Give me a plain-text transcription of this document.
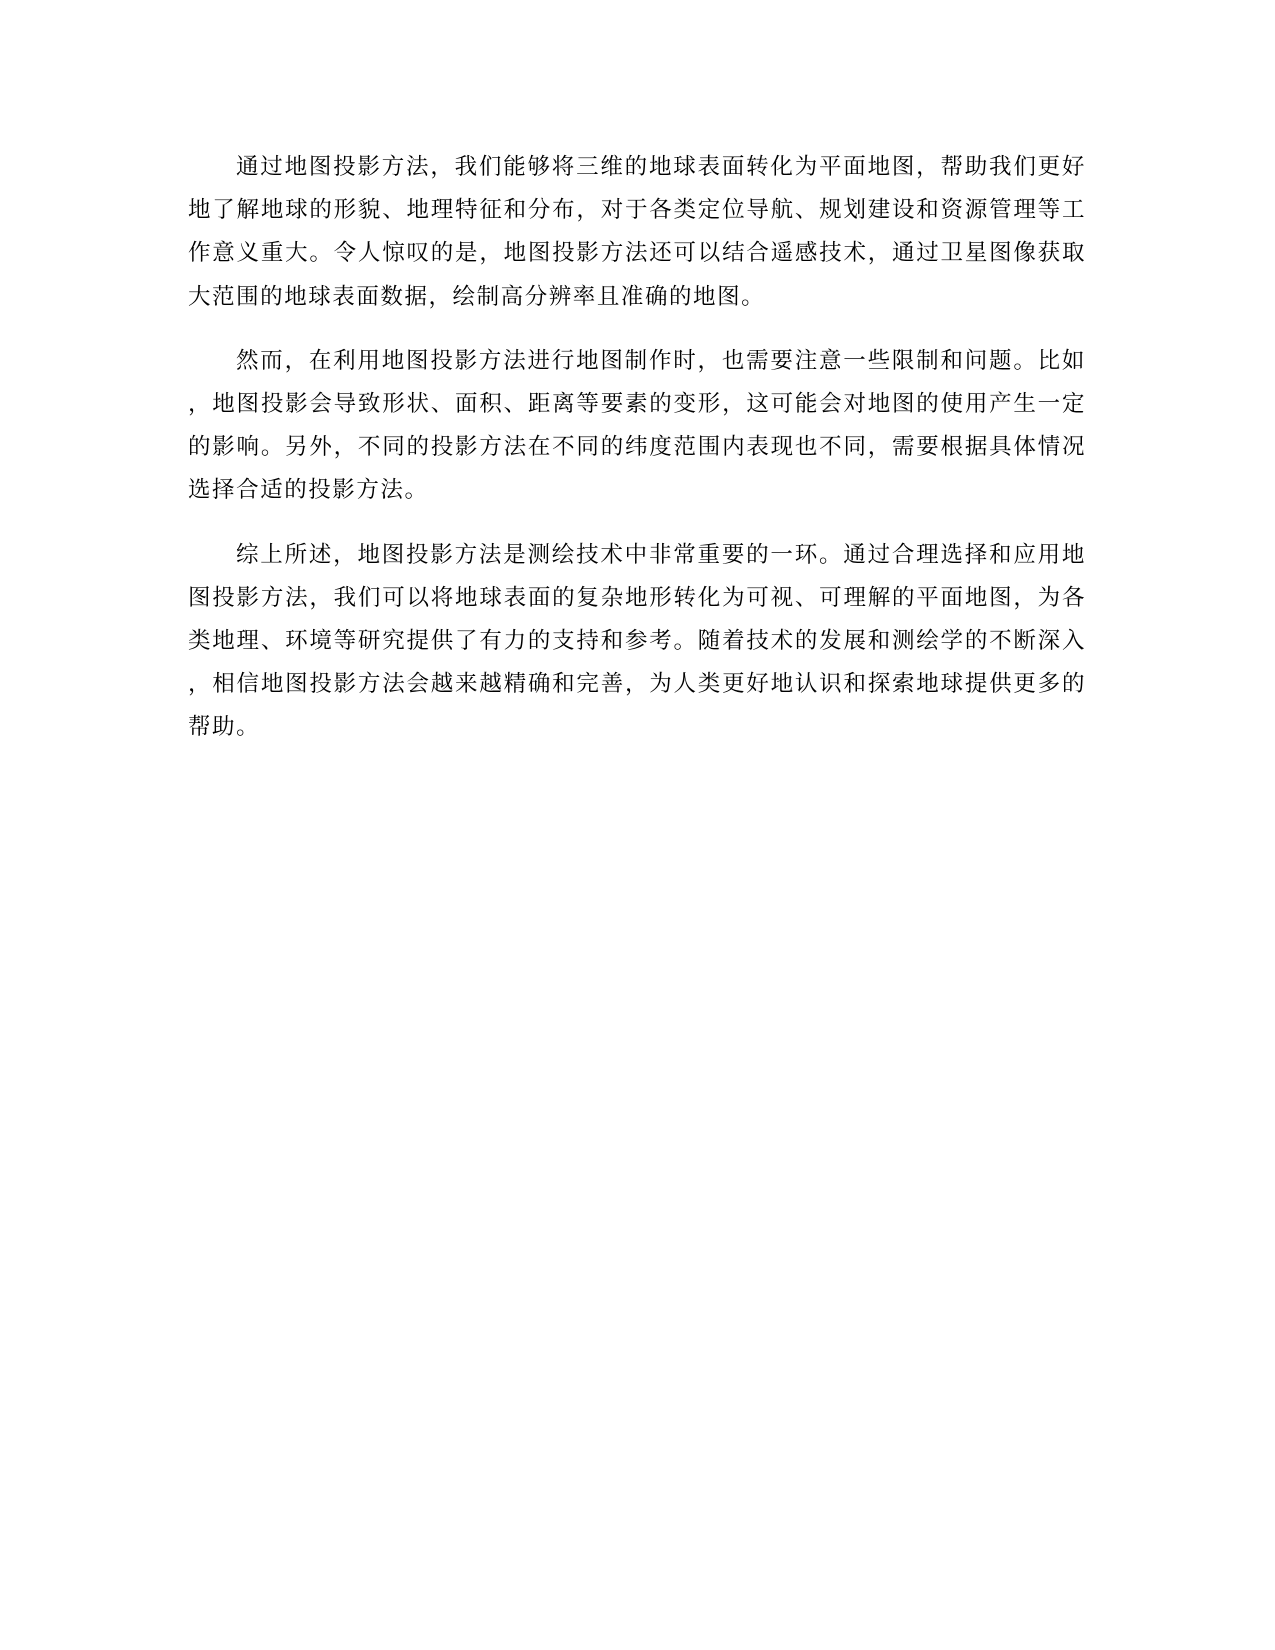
通过地图投影方法，我们能够将三维的地球表面转化为平面地图，帮助我们更好地了解地球的形貌、地理特征和分布，对于各类定位导航、规划建设和资源管理等工作意义重大。令人惊叹的是，地图投影方法还可以结合遥感技术，通过卫星图像获取大范围的地球表面数据，绘制高分辨率且准确的地图。

然而，在利用地图投影方法进行地图制作时，也需要注意一些限制和问题。比如，地图投影会导致形状、面积、距离等要素的变形，这可能会对地图的使用产生一定的影响。另外，不同的投影方法在不同的纬度范围内表现也不同，需要根据具体情况选择合适的投影方法。

综上所述，地图投影方法是测绘技术中非常重要的一环。通过合理选择和应用地图投影方法，我们可以将地球表面的复杂地形转化为可视、可理解的平面地图，为各类地理、环境等研究提供了有力的支持和参考。随着技术的发展和测绘学的不断深入，相信地图投影方法会越来越精确和完善，为人类更好地认识和探索地球提供更多的帮助。
